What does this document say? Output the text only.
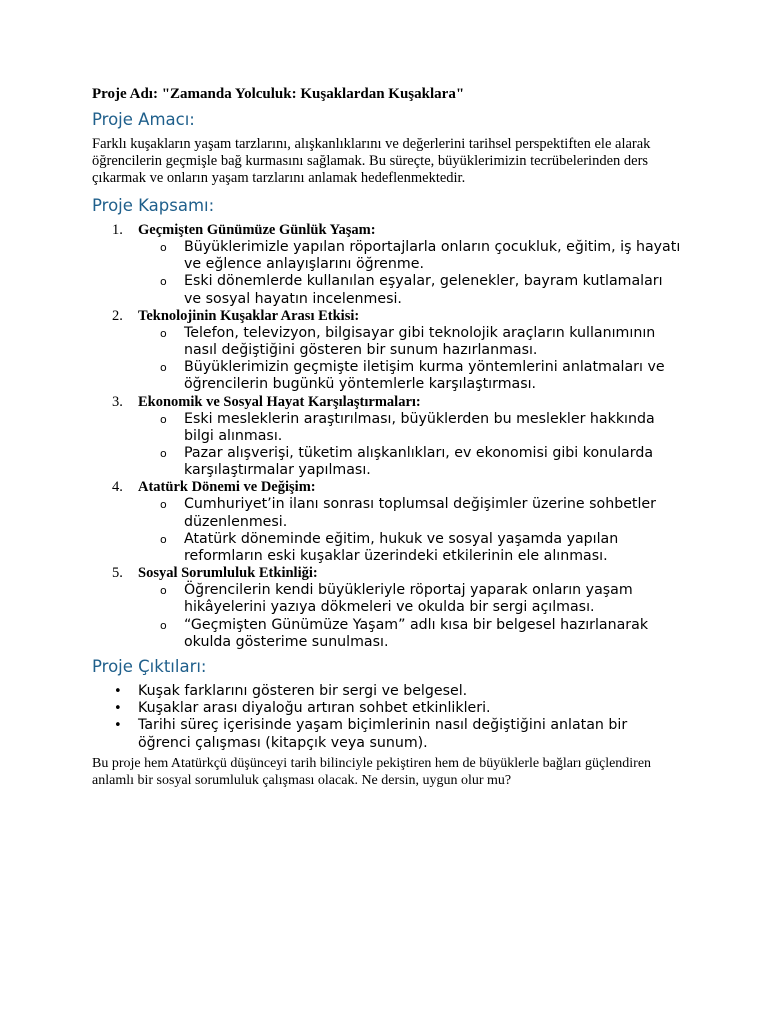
Proje Adı: "Zamanda Yolculuk: Kuşaklardan Kuşaklara"

Proje Amacı:

Farklı kuşakların yaşam tarzlarını, alışkanlıklarını ve değerlerini tarihsel perspektiften ele alarak öğrencilerin geçmişle bağ kurmasını sağlamak. Bu süreçte, büyüklerimizin tecrübelerinden ders çıkarmak ve onların yaşam tarzlarını anlamak hedeflenmektedir.

Proje Kapsamı:
1. Geçmişten Günümüze Günlük Yaşam:
o Büyüklerimizle yapılan röportajlarla onların çocukluk, eğitim, iş hayatı ve eğlence anlayışlarını öğrenme.
o Eski dönemlerde kullanılan eşyalar, gelenekler, bayram kutlamaları ve sosyal hayatın incelenmesi.
2. Teknolojinin Kuşaklar Arası Etkisi:
o Telefon, televizyon, bilgisayar gibi teknolojik araçların kullanımının nasıl değiştiğini gösteren bir sunum hazırlanması.
o Büyüklerimizin geçmişte iletişim kurma yöntemlerini anlatmaları ve öğrencilerin bugünkü yöntemlerle karşılaştırması.
3. Ekonomik ve Sosyal Hayat Karşılaştırmaları:
o Eski mesleklerin araştırılması, büyüklerden bu meslekler hakkında bilgi alınması.
o Pazar alışverişi, tüketim alışkanlıkları, ev ekonomisi gibi konularda karşılaştırmalar yapılması.
4. Atatürk Dönemi ve Değişim:
o Cumhuriyet’in ilanı sonrası toplumsal değişimler üzerine sohbetler düzenlenmesi.
o Atatürk döneminde eğitim, hukuk ve sosyal yaşamda yapılan reformların eski kuşaklar üzerindeki etkilerinin ele alınması.
5. Sosyal Sorumluluk Etkinliği:
o Öğrencilerin kendi büyükleriyle röportaj yaparak onların yaşam hikâyelerini yazıya dökmeleri ve okulda bir sergi açılması.
o “Geçmişten Günümüze Yaşam” adlı kısa bir belgesel hazırlanarak okulda gösterime sunulması.
Proje Çıktıları:
• Kuşak farklarını gösteren bir sergi ve belgesel.
• Kuşaklar arası diyaloğu artıran sohbet etkinlikleri.
• Tarihi süreç içerisinde yaşam biçimlerinin nasıl değiştiğini anlatan bir öğrenci çalışması (kitapçık veya sunum).

Bu proje hem Atatürkçü düşünceyi tarih bilinciyle pekiştiren hem de büyüklerle bağları güçlendiren anlamlı bir sosyal sorumluluk çalışması olacak. Ne dersin, uygun olur mu?
